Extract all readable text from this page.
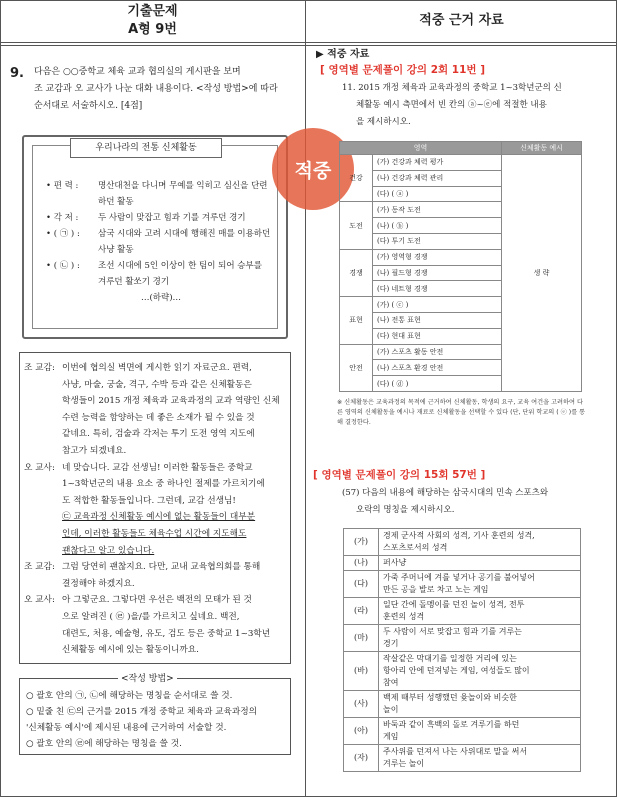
기출문제
A형 9번
적중 근거 자료
9. 다음은 ○○중학교 체육 교과 협의실의 게시판을 보며
조 교감과 오 교사가 나눈 대화 내용이다. <작성 방법>에 따라
순서대로 서술하시오. [4점]
우리나라의 전통 신체활동
• 편 력 :	명산대천을 다니며 무예를 익히고 심신을 단련
하던 활동
• 각 저 :	두 사람이 맞잡고 힘과 기를 겨루던 경기
• ( ㉠ ) :	삼국 시대와 고려 시대에 행해진 매를 이용하던
사냥 활동
• ( ㉡ ) :	조선 시대에 5인 이상이 한 팀이 되어 승부를
겨루던 활쏘기 경기
…(하략)…
조 교감: 이번에 협의실 벽면에 게시한 읽기 자료군요. 편력,
사냥, 마술, 궁술, 격구, 수박 등과 같은 신체활동은
학생들이 2015 개정 체육과 교육과정의 교과 역량인 신체
수련 능력을 함양하는 데 좋은 소재가 될 수 있을 것
같네요. 특히, 검술과 각저는 투기 도전 영역 지도에
참고가 되겠네요.
오 교사: 네 맞습니다. 교감 선생님! 이러한 활동들은 중학교
1~3학년군의 내용 요소 중 하나인 절제를 가르치기에
도 적합한 활동들입니다. 그런데, 교감 선생님!
㉢ 교육과정 신체활동 예시에 없는 활동들이 대부분
인데, 이러한 활동들도 체육수업 시간에 지도해도
괜찮다고 알고 있습니다.
조 교감: 그럼 당연히 괜찮지요. 다만, 교내 교육협의회를 통해
결정해야 하겠지요.
오 교사: 아 그렇군요. 그렇다면 우선은 백전의 모태가 된 것
으로 알려진 ( ㉣ )을/를 가르치고 싶네요. 백전,
대련도, 처용, 예술형, 유도, 검도 등은 중학교 1~3학년
신체활동 예시에 있는 활동이니까요.
<작성 방법>
○ 괄호 안의 ㉠, ㉡에 해당하는 명칭을 순서대로 쓸 것.
○ 밑줄 친 ㉢의 근거를 2015 개정 중학교 체육과 교육과정의
'신체활동 예시'에 제시된 내용에 근거하여 서술할 것.
○ 괄호 안의 ㉣에 해당하는 명칭을 쓸 것.
적중
▶ 적중 자료
[ 영역별 문제풀이 강의 2회 11번 ]
11. 2015 개정 체육과 교육과정의 중학교 1~3학년군의 신
체활동 예시 측면에서 빈 칸의 ⓐ~ⓔ에 적절한 내용
을 제시하시오.
영역		신체활동 예시
건강	(가) 건강과 체력 평가	생 략
	(나) 건강과 체력 관리	
	(다) ( ⓐ )	
도전	(가) 동작 도전	
	(나) ( ⓑ )	
	(다) 투기 도전	
경쟁	(가) 영역형 경쟁	
	(나) 필드형 경쟁	
	(다) 네트형 경쟁	
표현	(가) ( ⓒ )	
	(나) 전통 표현	
	(다) 현대 표현	
안전	(가) 스포츠 활동 안전	
	(나) 스포츠 환경 안전	
	(다) ( ⓓ )	
※ 신체활동은 교육과정의 목적에 근거하여 신체활동, 학생의 요구, 교육 여건을 고려하여 다른 영역의 신체활동을 예시나 재료로 신체활동을 선택할 수 있다 (단, 단위 학교의 ( ⓔ )를 통해 결정한다.
[ 영역별 문제풀이 강의 15회 57번 ]
(57) 다음의 내용에 해당하는 삼국시대의 민속 스포츠와
오락의 명칭을 제시하시오.
(가)	경제 군사적 사회의 성격, 기사 훈련의 성격,
스포츠로서의 성격
(나)	퍼사냥
(다)	가죽 주머니에 겨를 넣거나 공기를 불어넣어
만든 공을 발로 차고 노는 게임
(라)	일단 간에 돌멩이를 던진 놀이 성격, 전투
훈련의 성격
(마)	두 사람이 서로 맞잡고 힘과 기를 겨루는
경기
(바)	작살같은 막대기를 일정한 거리에 있는
항아리 안에 던져넣는 게임, 여성들도 많이
참여
(사)	백제 때부터 성행했던 윷놀이와 비슷한
놀이
(아)	바둑과 같이 흑백의 돌로 겨루기를 하던
게임
(자)	주사위를 던져서 나는 사위대로 말을 써서
겨루는 놀이
